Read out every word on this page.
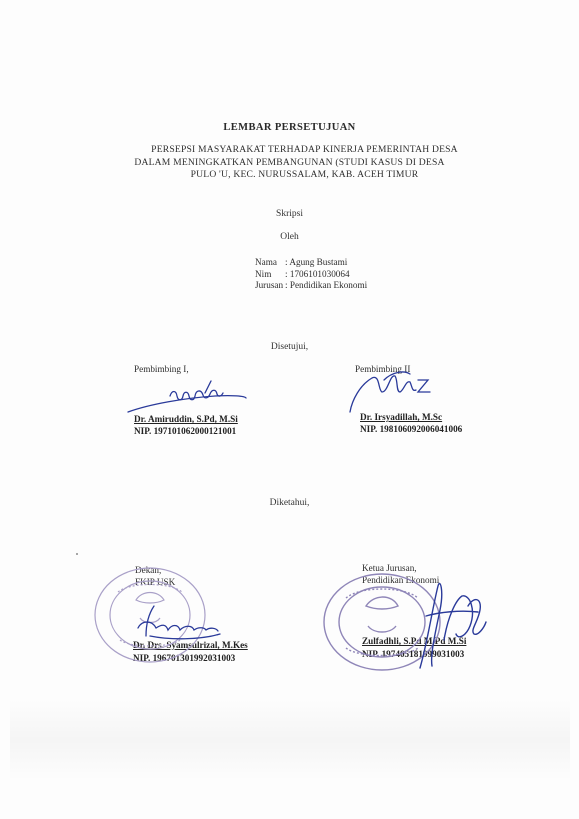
LEMBAR PERSETUJUAN
PERSEPSI MASYARAKAT TERHADAP KINERJA PEMERINTAH DESA
DALAM MENINGKATKAN PEMBANGUNAN (STUDI KASUS DI DESA
PULO 'U, KEC. NURUSSALAM, KAB. ACEH TIMUR
Skripsi
Oleh
Nama : Agung Bustami
Nim	: 1706101030064
Jurusan : Pendidikan Ekonomi
Disetujui,
Pembimbing I,
Dr. Amiruddin, S.Pd, M.Si
NIP. 197101062000121001
Pembimbing II
Dr. Irsyadillah, M.Sc
NIP. 198106092006041006
Diketahui,
Dekan,
FKIP USK
Dr. Drs. Syamsulrizal, M.Kes
NIP. 196701301992031003
Ketua Jurusan,
Pendidikan Ekonomi
Zulfadhli, S.Pd M.Pd M.Si
NIP. 197405181999031003
